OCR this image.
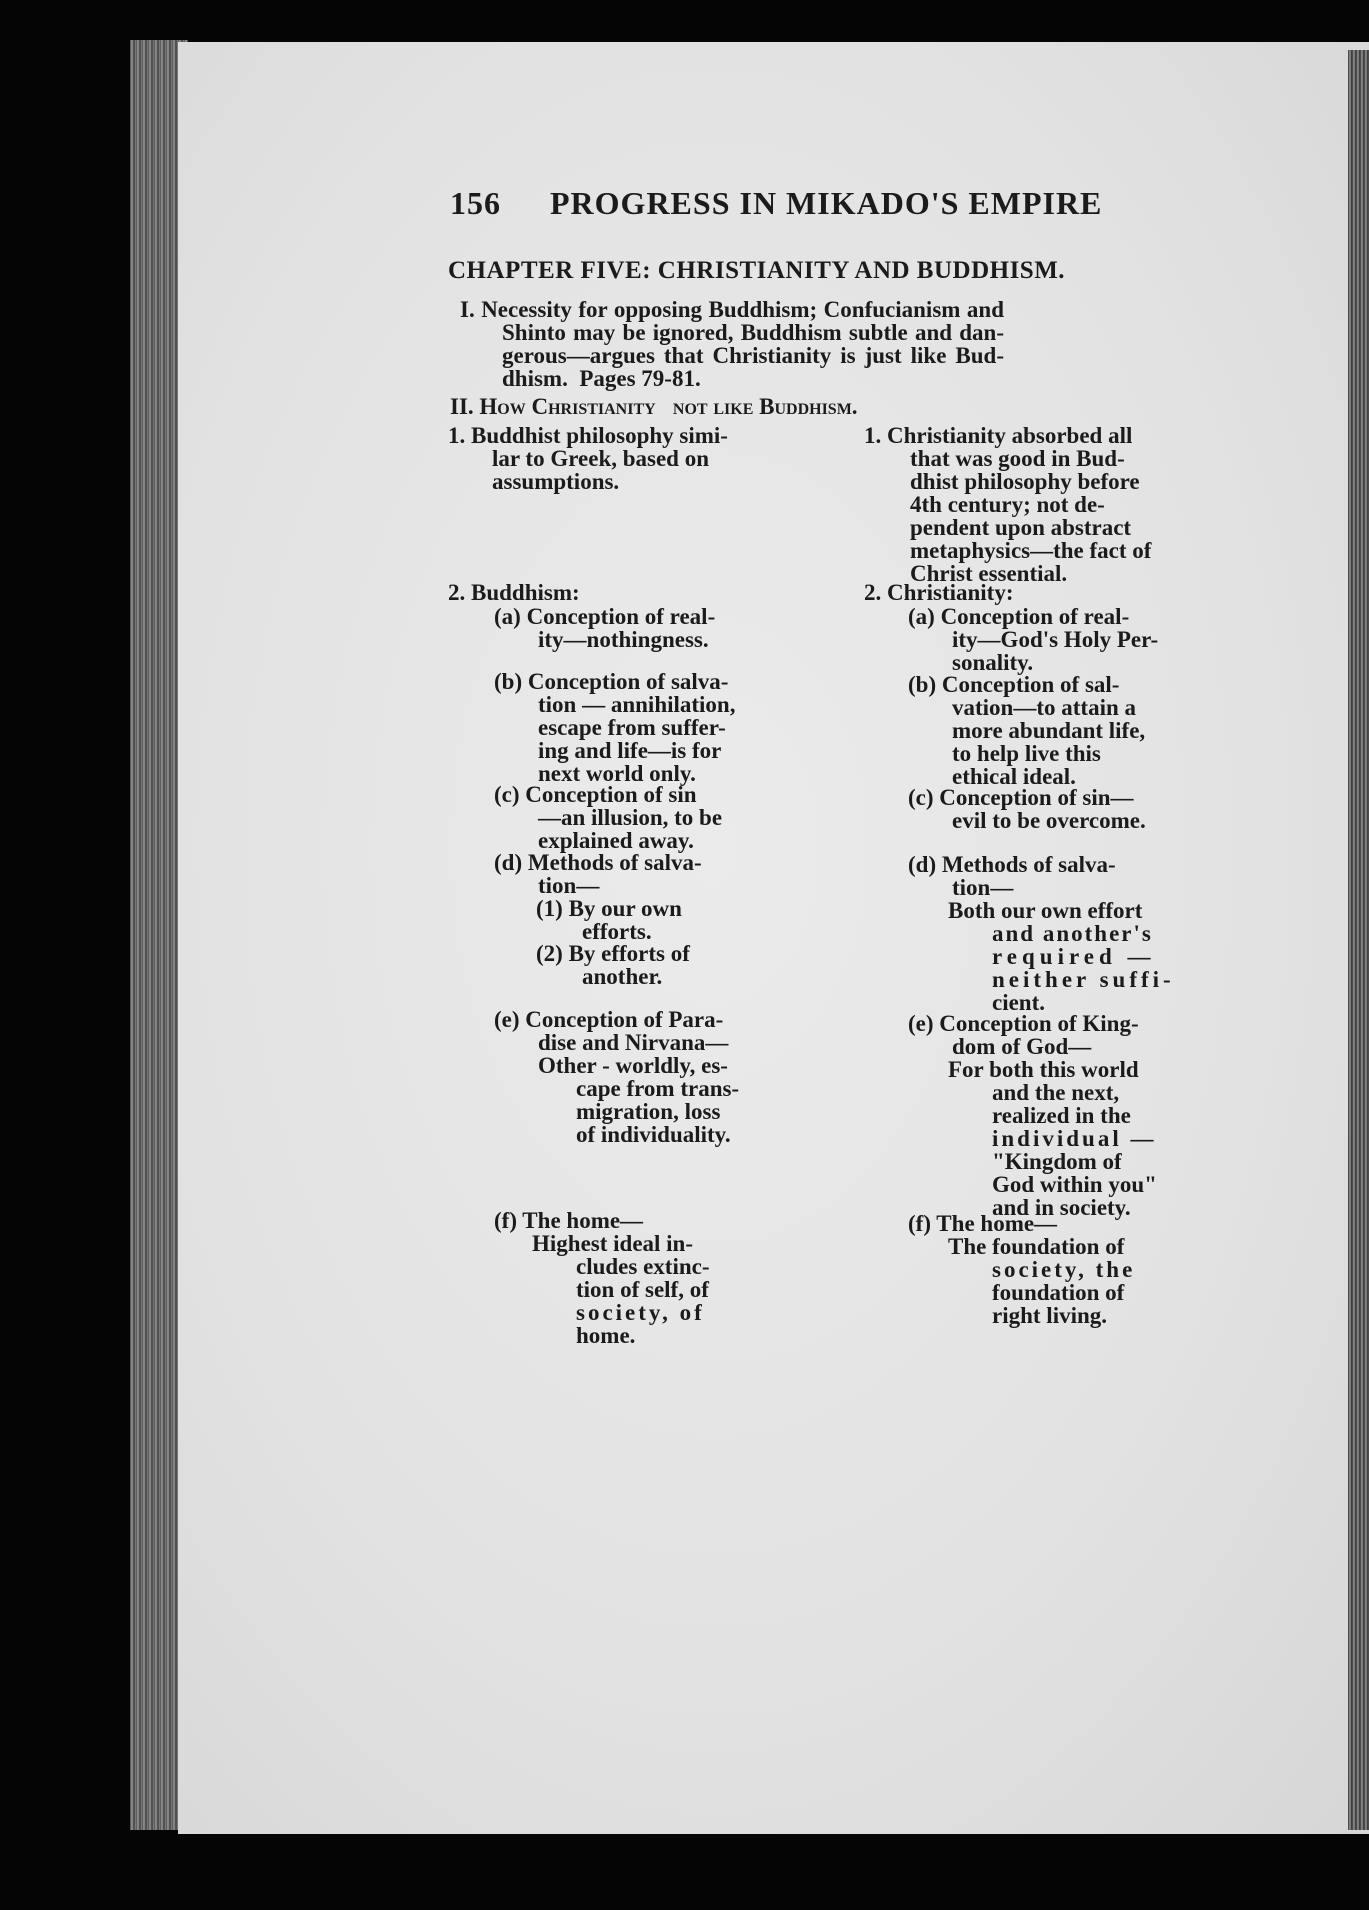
156 PROGRESS IN MIKADO'S EMPIRE
CHAPTER FIVE: CHRISTIANITY AND BUDDHISM.
I. Necessity for opposing Buddhism; Confucianism and
Shinto may be ignored, Buddhism subtle and dan-
gerous—argues that Christianity is just like Bud-
dhism.  Pages 79-81.
II. How Christianity   not like Buddhism.
1. Buddhist philosophy simi-
lar to Greek, based on
assumptions.
2. Buddhism:
(a) Conception of real-
ity—nothingness.
(b) Conception of salva-
tion — annihilation,
escape from suffer-
ing and life—is for
next world only.
(c) Conception of sin
—an illusion, to be
explained away.
(d) Methods of salva-
tion—
(1) By our own
efforts.
(2) By efforts of
another.
(e) Conception of Para-
dise and Nirvana—
Other - worldly, es-
cape from trans-
migration, loss
of individuality.
(f) The home—
Highest ideal in-
cludes extinc-
tion of self, of
society, of
home.
1. Christianity absorbed all
that was good in Bud-
dhist philosophy before
4th century; not de-
pendent upon abstract
metaphysics—the fact of
Christ essential.
2. Christianity:
(a) Conception of real-
ity—God's Holy Per-
sonality.
(b) Conception of sal-
vation—to attain a
more abundant life,
to help live this
ethical ideal.
(c) Conception of sin—
evil to be overcome.
(d) Methods of salva-
tion—
Both our own effort
and another's
required —
neither suffi-
cient.
(e) Conception of King-
dom of God—
For both this world
and the next,
realized in the
individual —
"Kingdom of
God within you"
and in society.
(f) The home—
The foundation of
society, the
foundation of
right living.
